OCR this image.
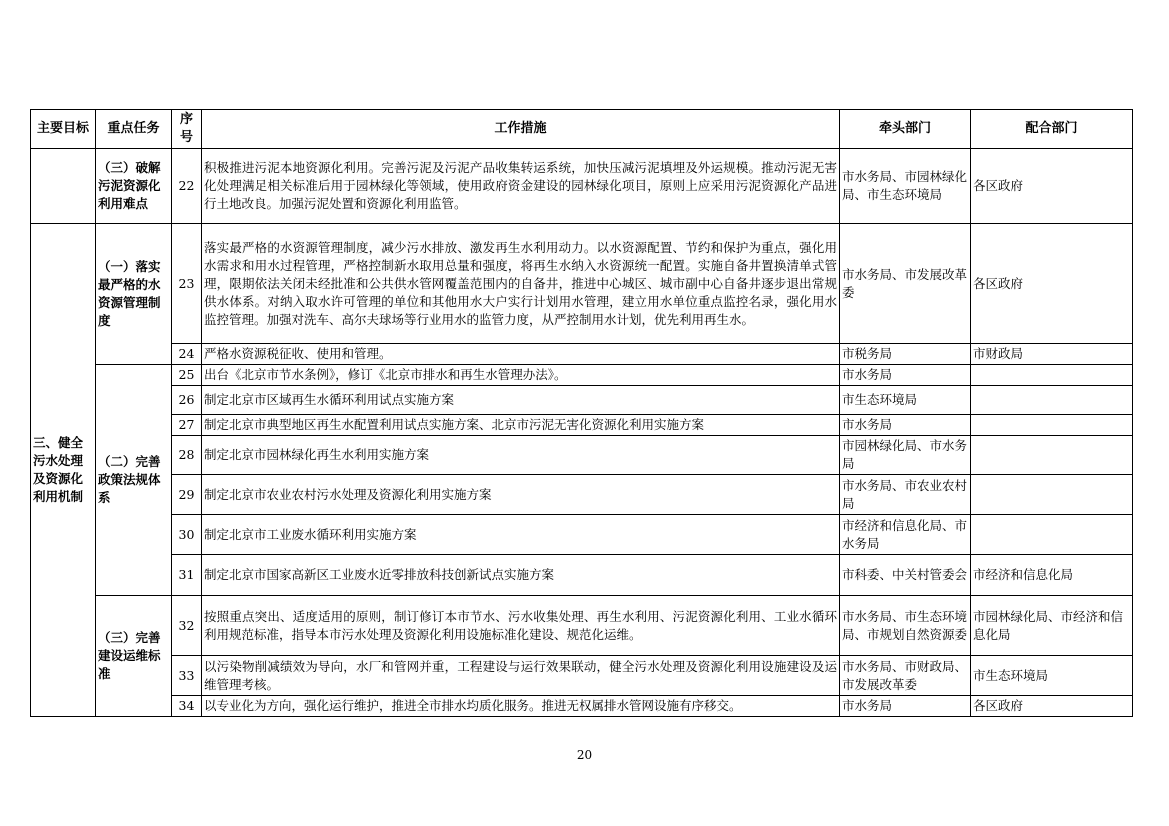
主要目标	重点任务	序号	工作措施	牵头部门	配合部门
	（三）破解污泥资源化利用难点	22	积极推进污泥本地资源化利用。完善污泥及污泥产品收集转运系统，加快压减污泥填埋及外运规模。推动污泥无害化处理满足相关标准后用于园林绿化等领域，使用政府资金建设的园林绿化项目，原则上应采用污泥资源化产品进行土地改良。加强污泥处置和资源化利用监管。	市水务局、市园林绿化局、市生态环境局	各区政府
三、健全污水处理及资源化利用机制	（一）落实最严格的水资源管理制度	23	落实最严格的水资源管理制度，减少污水排放、激发再生水利用动力。以水资源配置、节约和保护为重点，强化用水需求和用水过程管理，严格控制新水取用总量和强度，将再生水纳入水资源统一配置。实施自备井置换清单式管理，限期依法关闭未经批准和公共供水管网覆盖范围内的自备井，推进中心城区、城市副中心自备井逐步退出常规供水体系。对纳入取水许可管理的单位和其他用水大户实行计划用水管理，建立用水单位重点监控名录，强化用水监控管理。加强对洗车、高尔夫球场等行业用水的监管力度，从严控制用水计划，优先利用再生水。	市水务局、市发展改革委	各区政府
		24	严格水资源税征收、使用和管理。	市税务局	市财政局
	（二）完善政策法规体系	25	出台《北京市节水条例》，修订《北京市排水和再生水管理办法》。	市水务局	
		26	制定北京市区域再生水循环利用试点实施方案	市生态环境局	
		27	制定北京市典型地区再生水配置利用试点实施方案、北京市污泥无害化资源化利用实施方案	市水务局	
		28	制定北京市园林绿化再生水利用实施方案	市园林绿化局、市水务局	
		29	制定北京市农业农村污水处理及资源化利用实施方案	市水务局、市农业农村局	
		30	制定北京市工业废水循环利用实施方案	市经济和信息化局、市水务局	
		31	制定北京市国家高新区工业废水近零排放科技创新试点实施方案	市科委、中关村管委会	市经济和信息化局
	（三）完善建设运维标准	32	按照重点突出、适度适用的原则，制订修订本市节水、污水收集处理、再生水利用、污泥资源化利用、工业水循环利用规范标准，指导本市污水处理及资源化利用设施标准化建设、规范化运维。	市水务局、市生态环境局、市规划自然资源委	市园林绿化局、市经济和信息化局
		33	以污染物削减绩效为导向，水厂和管网并重，工程建设与运行效果联动，健全污水处理及资源化利用设施建设及运维管理考核。	市水务局、市财政局、市发展改革委	市生态环境局
		34	以专业化为方向，强化运行维护，推进全市排水均质化服务。推进无权属排水管网设施有序移交。	市水务局	各区政府
20
